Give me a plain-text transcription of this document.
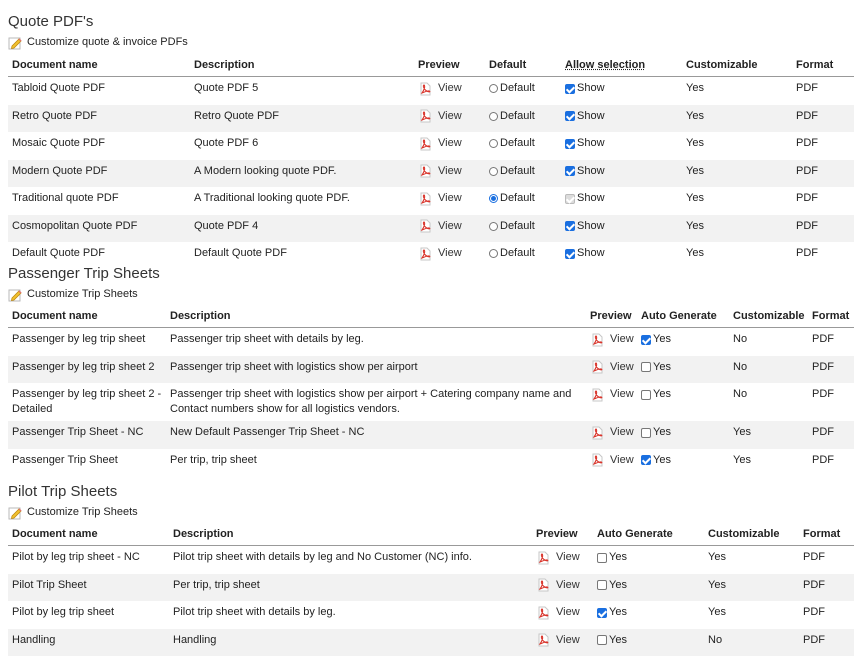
Quote PDF's
Customize quote & invoice PDFs
Document name	Description	Preview	Default	Allow selection	Customizable	Format
Tabloid Quote PDF	Quote PDF 5	View	Default	Show	Yes	PDF
Retro Quote PDF	Retro Quote PDF	View	Default	Show	Yes	PDF
Mosaic Quote PDF	Quote PDF 6	View	Default	Show	Yes	PDF
Modern Quote PDF	A Modern looking quote PDF.	View	Default	Show	Yes	PDF
Traditional quote PDF	A Traditional looking quote PDF.	View	Default	Show	Yes	PDF
Cosmopolitan Quote PDF	Quote PDF 4	View	Default	Show	Yes	PDF
Default Quote PDF	Default Quote PDF	View	Default	Show	Yes	PDF
Passenger Trip Sheets
Customize Trip Sheets
Document name	Description	Preview	Auto Generate	Customizable	Format
Passenger by leg trip sheet	Passenger trip sheet with details by leg.	View	Yes	No	PDF
Passenger by leg trip sheet 2	Passenger trip sheet with logistics show per airport	View	Yes	No	PDF
Passenger by leg trip sheet 2 - Detailed	Passenger trip sheet with logistics show per airport + Catering company name and Contact numbers show for all logistics vendors.	View	Yes	No	PDF
Passenger Trip Sheet - NC	New Default Passenger Trip Sheet - NC	View	Yes	Yes	PDF
Passenger Trip Sheet	Per trip, trip sheet	View	Yes	Yes	PDF
Pilot Trip Sheets
Customize Trip Sheets
Document name	Description	Preview	Auto Generate	Customizable	Format
Pilot by leg trip sheet - NC	Pilot trip sheet with details by leg and No Customer (NC) info.	View	Yes	Yes	PDF
Pilot Trip Sheet	Per trip, trip sheet	View	Yes	Yes	PDF
Pilot by leg trip sheet	Pilot trip sheet with details by leg.	View	Yes	Yes	PDF
Handling	Handling	View	Yes	No	PDF
